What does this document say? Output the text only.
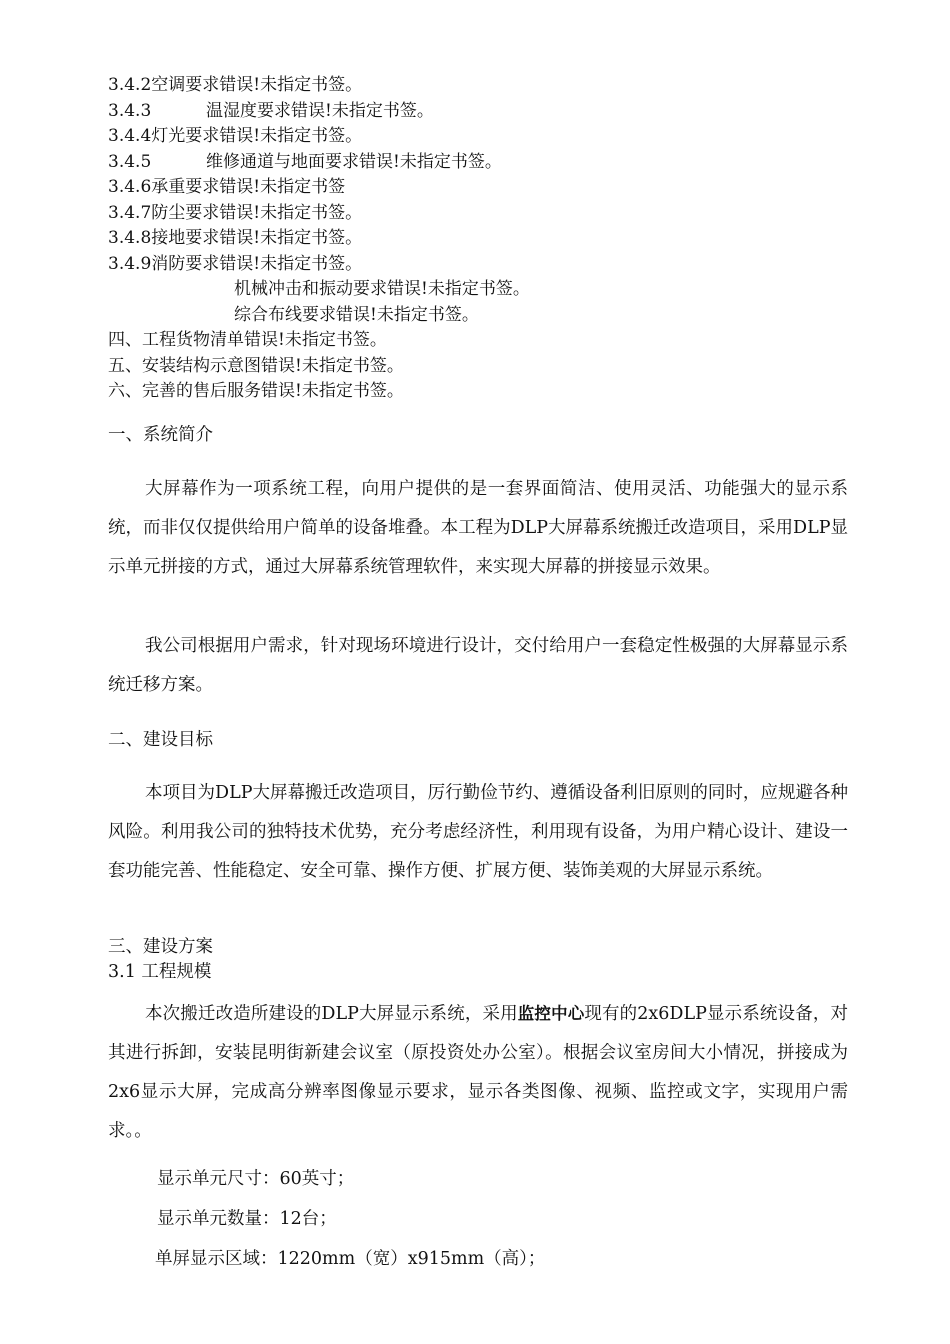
3.4.2空调要求错误!未指定书签。
3.4.3	温湿度要求错误!未指定书签。
3.4.4灯光要求错误!未指定书签。
3.4.5	维修通道与地面要求错误!未指定书签。
3.4.6承重要求错误!未指定书签
3.4.7防尘要求错误!未指定书签。
3.4.8接地要求错误!未指定书签。
3.4.9消防要求错误!未指定书签。
机械冲击和振动要求错误!未指定书签。
综合布线要求错误!未指定书签。
四、工程货物清单错误!未指定书签。
五、安装结构示意图错误!未指定书签。
六、完善的售后服务错误!未指定书签。
一、系统简介

大屏幕作为一项系统工程，向用户提供的是一套界面简洁、使用灵活、功能强大的显示系统，而非仅仅提供给用户简单的设备堆叠。本工程为DLP大屏幕系统搬迁改造项目，采用DLP显示单元拼接的方式，通过大屏幕系统管理软件，来实现大屏幕的拼接显示效果。

我公司根据用户需求，针对现场环境进行设计，交付给用户一套稳定性极强的大屏幕显示系统迁移方案。

二、建设目标

本项目为DLP大屏幕搬迁改造项目，厉行勤俭节约、遵循设备利旧原则的同时，应规避各种风险。利用我公司的独特技术优势，充分考虑经济性，利用现有设备，为用户精心设计、建设一套功能完善、性能稳定、安全可靠、操作方便、扩展方便、装饰美观的大屏显示系统。

三、建设方案
3.1 工程规模

本次搬迁改造所建设的DLP大屏显示系统，采用监控中心现有的2x6DLP显示系统设备，对其进行拆卸，安装昆明街新建会议室（原投资处办公室）。根据会议室房间大小情况，拼接成为2x6显示大屏，完成高分辨率图像显示要求，显示各类图像、视频、监控或文字，实现用户需求。。

显示单元尺寸：60英寸；
显示单元数量：12台；
单屏显示区域：1220mm（宽）x915mm（高）；
